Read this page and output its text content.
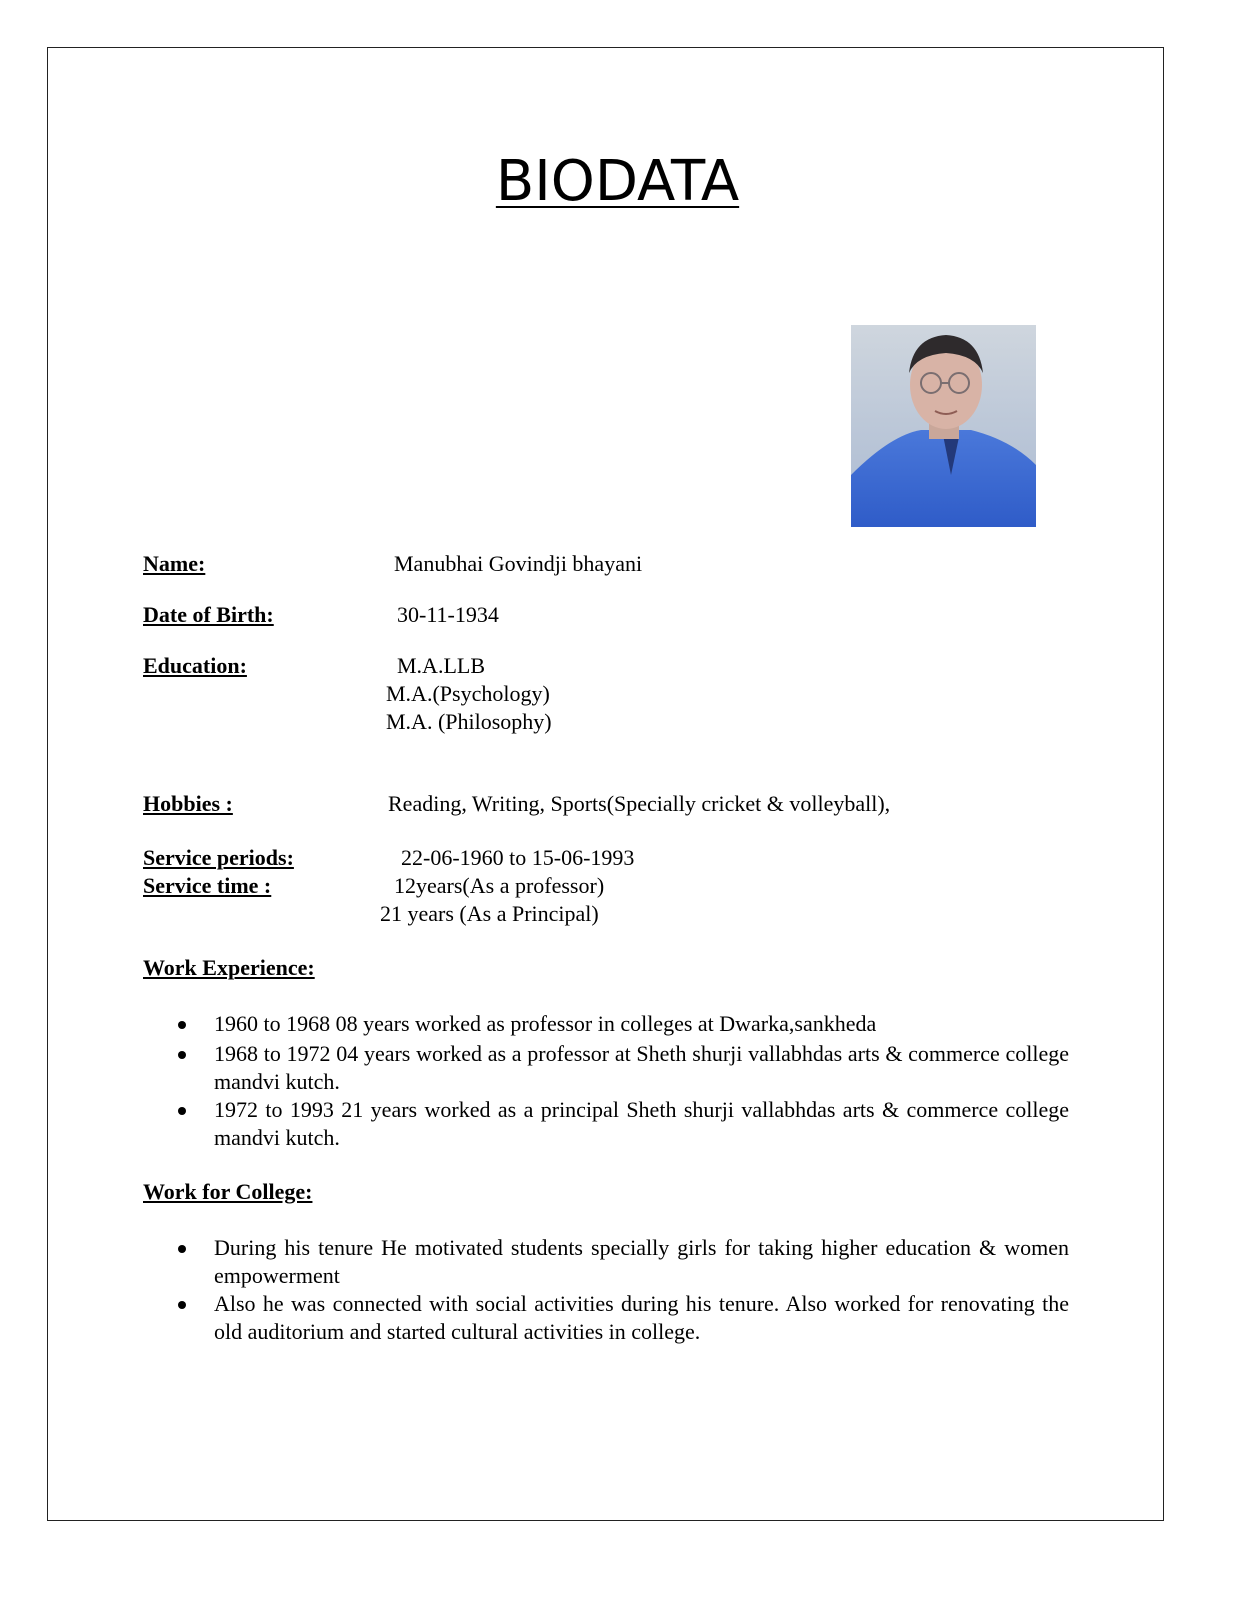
BIODATA
Name:	Manubhai Govindji bhayani
Date of Birth:	30-11-1934
Education:	M.A.LLB
M.A.(Psychology)
M.A. (Philosophy)
Hobbies :	Reading, Writing, Sports(Specially cricket & volleyball),
Service periods:	22-06-1960 to 15-06-1993
Service time :	12years(As a professor)
21 years (As a Principal)
Work Experience:
1960 to 1968 08 years worked as professor in colleges at Dwarka,sankheda
1968 to 1972 04 years worked as a professor at Sheth shurji vallabhdas arts & commerce college mandvi kutch.
1972 to 1993 21 years worked as a principal Sheth shurji vallabhdas arts & commerce college mandvi kutch.
Work for College:
During his tenure He motivated students specially girls for taking higher education & women empowerment
Also he was connected with social activities during his tenure. Also worked for renovating the old auditorium and started cultural activities in college.
